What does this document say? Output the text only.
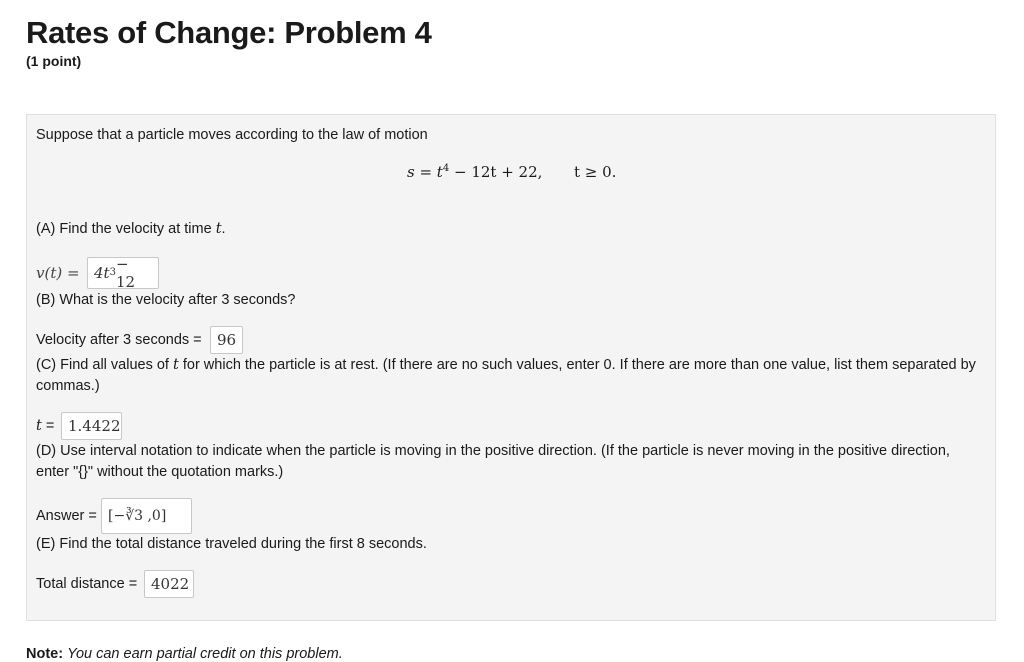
Rates of Change: Problem 4
(1 point)
Suppose that a particle moves according to the law of motion
$s = t^4 - 12t + 22$, t ≥ 0.
(A) Find the velocity at time t.
v(t) = 4t 3 − 12
(B) What is the velocity after 3 seconds?
Velocity after 3 seconds =	96
(C) Find all values of t for which the particle is at rest. (If there are no such values, enter 0. If there are more than one value, list them separated by
commas.)
t = 1.4422
(D) Use interval notation to indicate when the particle is moving in the positive direction. (If the particle is never moving in the positive direction,
enter "{}" without the quotation marks.)
Answer = [−∛3 ,0]
(E) Find the total distance traveled during the first 8 seconds.
Total distance = 4022
Note: You can earn partial credit on this problem.
